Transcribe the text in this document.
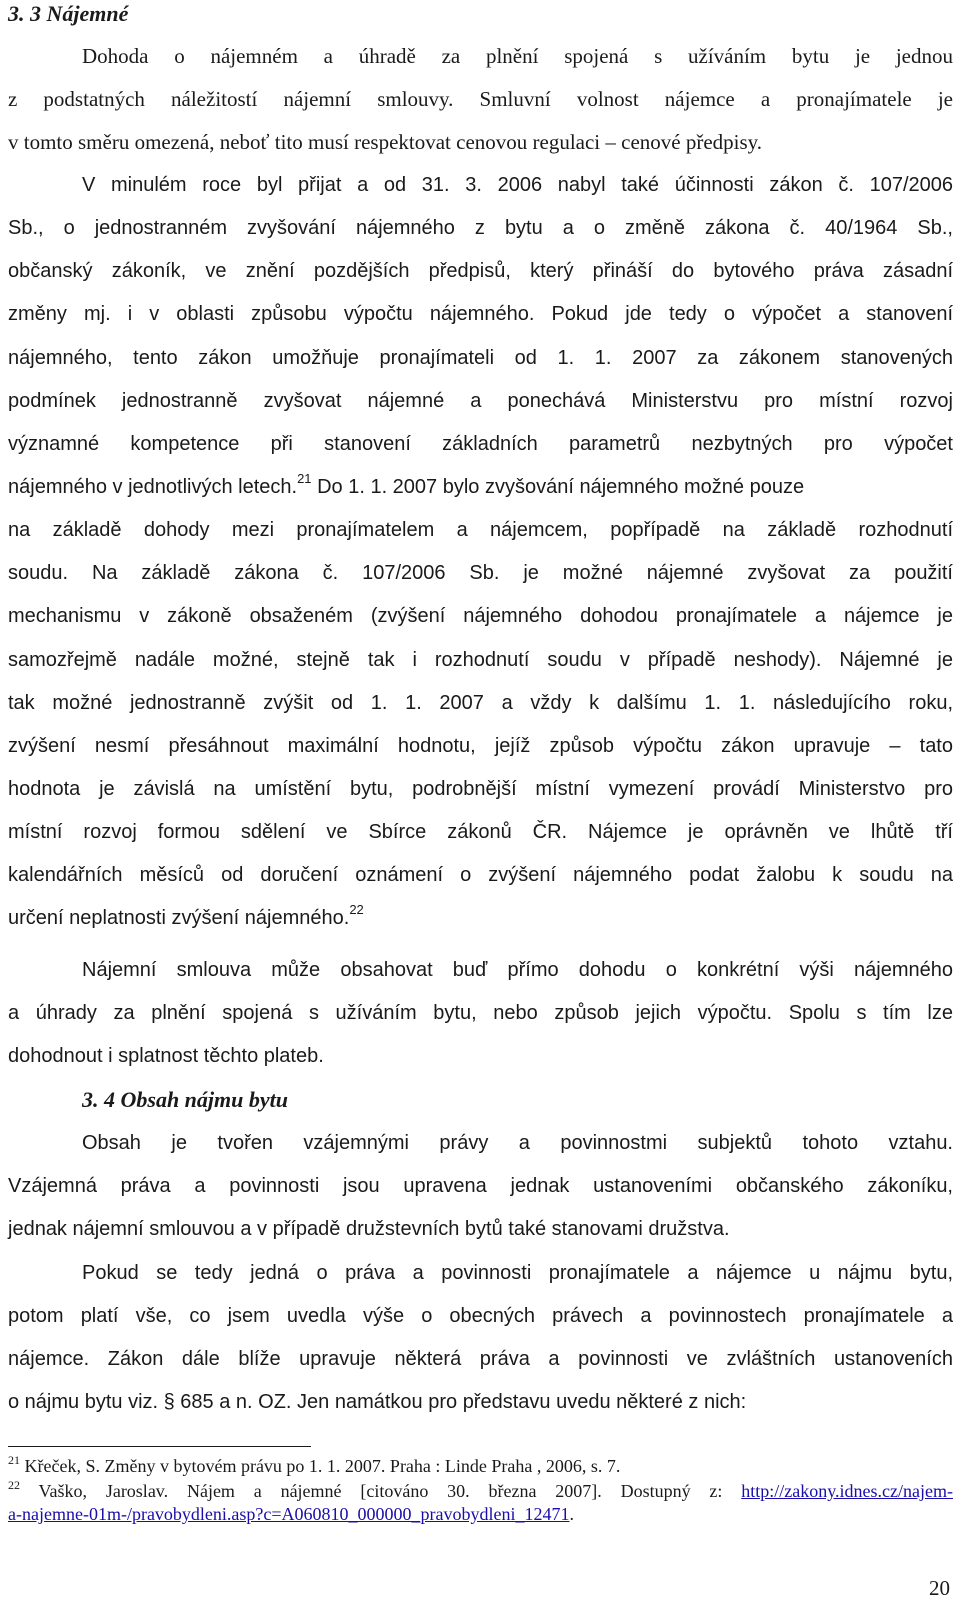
3. 3 Nájemné

Dohoda o nájemném a úhradě za plnění spojená s užíváním bytu je jednou

z podstatných náležitostí nájemní smlouvy. Smluvní volnost nájemce a pronajímatele je

v tomto směru omezená, neboť tito musí respektovat cenovou regulaci – cenové předpisy.

V minulém roce byl přijat a od 31. 3. 2006 nabyl také účinnosti zákon č. 107/2006

Sb., o jednostranném zvyšování nájemného z bytu a o změně zákona č. 40/1964 Sb.,

občanský zákoník, ve znění pozdějších předpisů, který přináší do bytového práva zásadní

změny mj. i v oblasti způsobu výpočtu nájemného. Pokud jde tedy o výpočet a stanovení

nájemného, tento zákon umožňuje pronajímateli od 1. 1. 2007 za zákonem stanovených

podmínek jednostranně zvyšovat nájemné a ponechává Ministerstvu pro místní rozvoj

významné kompetence při stanovení základních parametrů nezbytných pro výpočet

nájemného v jednotlivých letech.$^{21}$ Do 1. 1. 2007 bylo zvyšování nájemného možné pouze

na základě dohody mezi pronajímatelem a nájemcem, popřípadě na základě rozhodnutí

soudu. Na základě zákona č. 107/2006 Sb. je možné nájemné zvyšovat za použití

mechanismu v zákoně obsaženém (zvýšení nájemného dohodou pronajímatele a nájemce je

samozřejmě nadále možné, stejně tak i rozhodnutí soudu v případě neshody). Nájemné je

tak možné jednostranně zvýšit od 1. 1. 2007 a vždy k dalšímu 1. 1. následujícího roku,

zvýšení nesmí přesáhnout maximální hodnotu, jejíž způsob výpočtu zákon upravuje – tato

hodnota je závislá na umístění bytu, podrobnější místní vymezení provádí Ministerstvo pro

místní rozvoj formou sdělení ve Sbírce zákonů ČR. Nájemce je oprávněn ve lhůtě tří

kalendářních měsíců od doručení oznámení o zvýšení nájemného podat žalobu k soudu na

určení neplatnosti zvýšení nájemného.$^{22}$

Nájemní smlouva může obsahovat buď přímo dohodu o konkrétní výši nájemného

a úhrady za plnění spojená s užíváním bytu, nebo způsob jejich výpočtu. Spolu s tím lze

dohodnout i splatnost těchto plateb.

3. 4 Obsah nájmu bytu

Obsah je tvořen vzájemnými právy a povinnostmi subjektů tohoto vztahu.

Vzájemná práva a povinnosti jsou upravena jednak ustanoveními občanského zákoníku,

jednak nájemní smlouvou a v případě družstevních bytů také stanovami družstva.

Pokud se tedy jedná o práva a povinnosti pronajímatele a nájemce u nájmu bytu,

potom platí vše, co jsem uvedla výše o obecných právech a povinnostech pronajímatele a

nájemce. Zákon dále blíže upravuje některá práva a povinnosti ve zvláštních ustanoveních

o nájmu bytu viz. § 685 a n. OZ. Jen namátkou pro představu uvedu některé z nich:

$^{21}$ Křeček, S. Změny v bytovém právu po 1. 1. 2007. Praha : Linde Praha , 2006, s. 7.

$^{22}$ Vaško, Jaroslav. Nájem a nájemné [citováno 30. března 2007]. Dostupný z: http://zakony.idnes.cz/najem-

a-najemne-01m-/pravobydleni.asp?c=A060810_000000_pravobydleni_12471.

20
